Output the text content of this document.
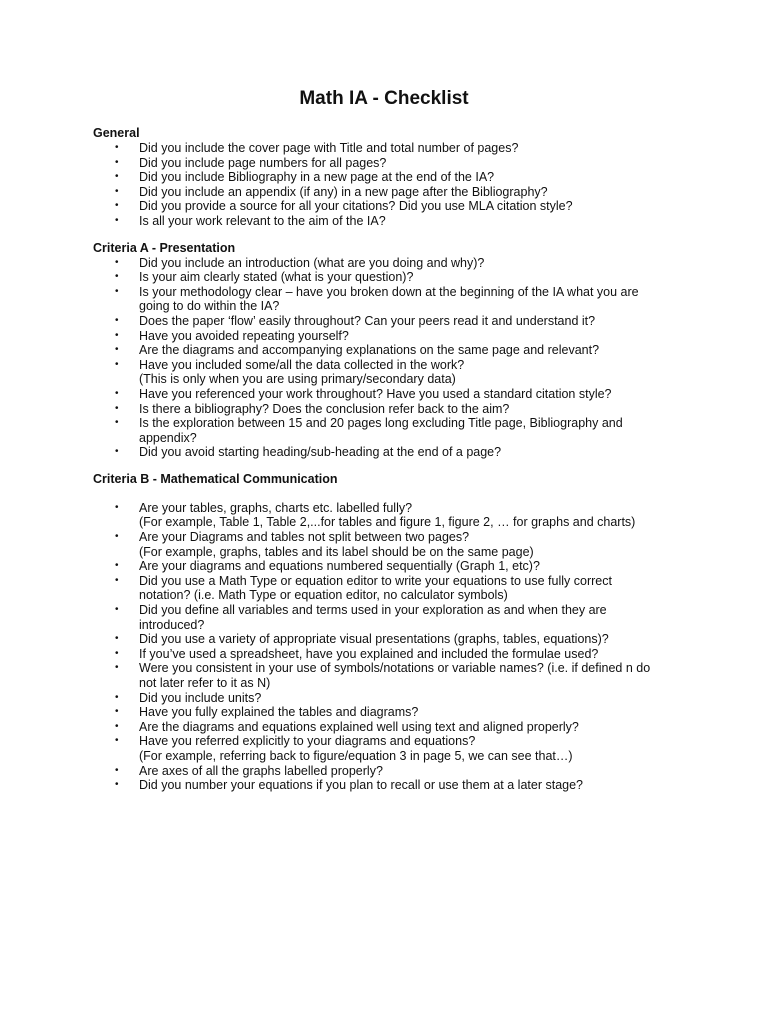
Math IA - Checklist
General
• Did you include the cover page with Title and total number of pages?
• Did you include page numbers for all pages?
• Did you include Bibliography in a new page at the end of the IA?
• Did you include an appendix (if any) in a new page after the Bibliography?
• Did you provide a source for all your citations? Did you use MLA citation style?
• Is all your work relevant to the aim of the IA?
Criteria A - Presentation
• Did you include an introduction (what are you doing and why)?
• Is your aim clearly stated (what is your question)?
• Is your methodology clear – have you broken down at the beginning of the IA what you are
going to do within the IA?
• Does the paper ‘flow’ easily throughout? Can your peers read it and understand it?
• Have you avoided repeating yourself?
• Are the diagrams and accompanying explanations on the same page and relevant?
• Have you included some/all the data collected in the work?
(This is only when you are using primary/secondary data)
• Have you referenced your work throughout? Have you used a standard citation style?
• Is there a bibliography? Does the conclusion refer back to the aim?
• Is the exploration between 15 and 20 pages long excluding Title page, Bibliography and
appendix?
• Did you avoid starting heading/sub-heading at the end of a page?
Criteria B - Mathematical Communication
• Are your tables, graphs, charts etc. labelled fully?
(For example, Table 1, Table 2,...for tables and figure 1, figure 2, … for graphs and charts)
• Are your Diagrams and tables not split between two pages?
(For example, graphs, tables and its label should be on the same page)
• Are your diagrams and equations numbered sequentially (Graph 1, etc)?
• Did you use a Math Type or equation editor to write your equations to use fully correct
notation? (i.e. Math Type or equation editor, no calculator symbols)
• Did you define all variables and terms used in your exploration as and when they are
introduced?
• Did you use a variety of appropriate visual presentations (graphs, tables, equations)?
• If you’ve used a spreadsheet, have you explained and included the formulae used?
• Were you consistent in your use of symbols/notations or variable names? (i.e. if defined n do
not later refer to it as N)
• Did you include units?
• Have you fully explained the tables and diagrams?
• Are the diagrams and equations explained well using text and aligned properly?
• Have you referred explicitly to your diagrams and equations?
(For example, referring back to figure/equation 3 in page 5, we can see that…)
• Are axes of all the graphs labelled properly?
• Did you number your equations if you plan to recall or use them at a later stage?
